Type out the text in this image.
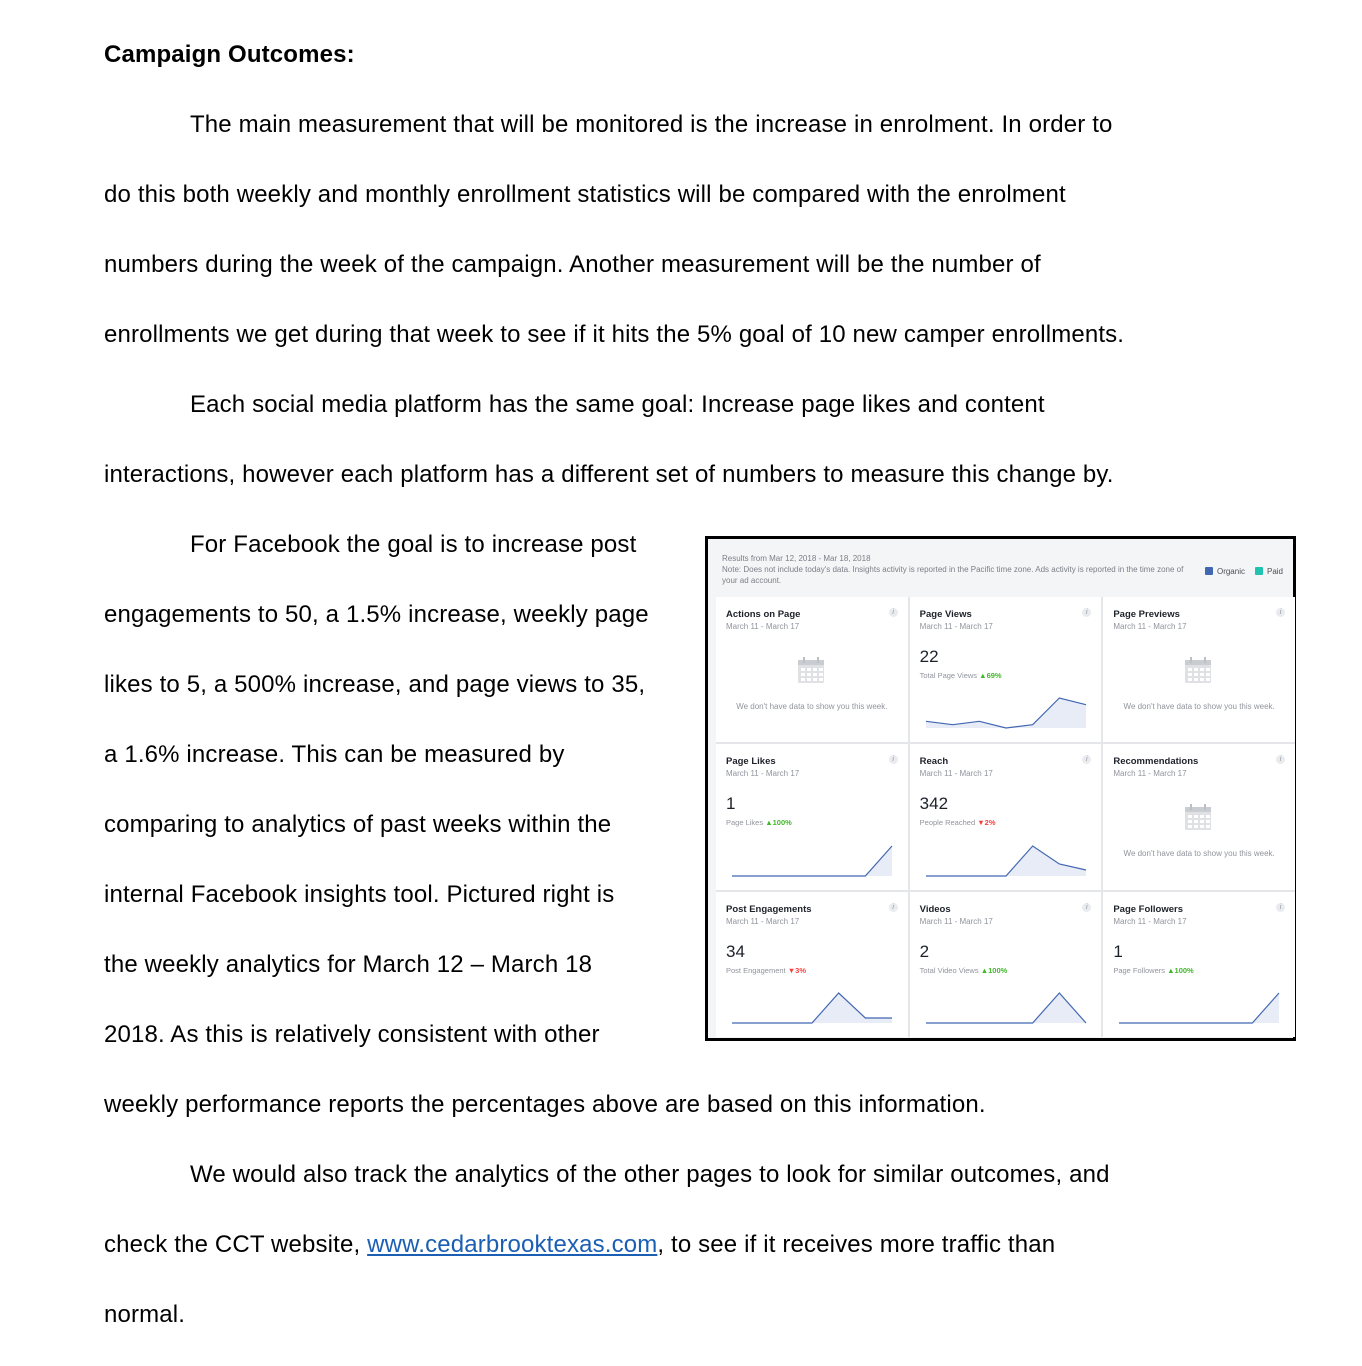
Campaign Outcomes:
The main measurement that will be monitored is the increase in enrolment. In order to
do this both weekly and monthly enrollment statistics will be compared with the enrolment
numbers during the week of the campaign. Another measurement will be the number of
enrollments we get during that week to see if it hits the 5% goal of 10 new camper enrollments.
Each social media platform has the same goal: Increase page likes and content
interactions, however each platform has a different set of numbers to measure this change by.
For Facebook the goal is to increase post
engagements to 50, a 1.5% increase, weekly page
likes to 5, a 500% increase, and page views to 35,
a 1.6% increase. This can be measured by
comparing to analytics of past weeks within the
internal Facebook insights tool. Pictured right is
the weekly analytics for March 12 – March 18
2018. As this is relatively consistent with other
weekly performance reports the percentages above are based on this information.
We would also track the analytics of the other pages to look for similar outcomes, and
check the CCT website, www.cedarbrooktexas.com, to see if it receives more traffic than
normal.
Results from Mar 12, 2018 - Mar 18, 2018
Note: Does not include today's data. Insights activity is reported in the Pacific time zone. Ads activity is reported in the time zone of your ad account.
Organic	Paid
Actions on Page
March 11 - March 17
i
We don't have data to show you this week.
Page Views
March 11 - March 17
i
22
Total Page Views ▲69%
Page Previews
March 11 - March 17
i
We don't have data to show you this week.
Page Likes
March 11 - March 17
i
1
Page Likes ▲100%
Reach
March 11 - March 17
i
342
People Reached ▼2%
Recommendations
March 11 - March 17
i
We don't have data to show you this week.
Post Engagements
March 11 - March 17
i
34
Post Engagement ▼3%
Videos
March 11 - March 17
i
2
Total Video Views ▲100%
Page Followers
March 11 - March 17
i
1
Page Followers ▲100%
